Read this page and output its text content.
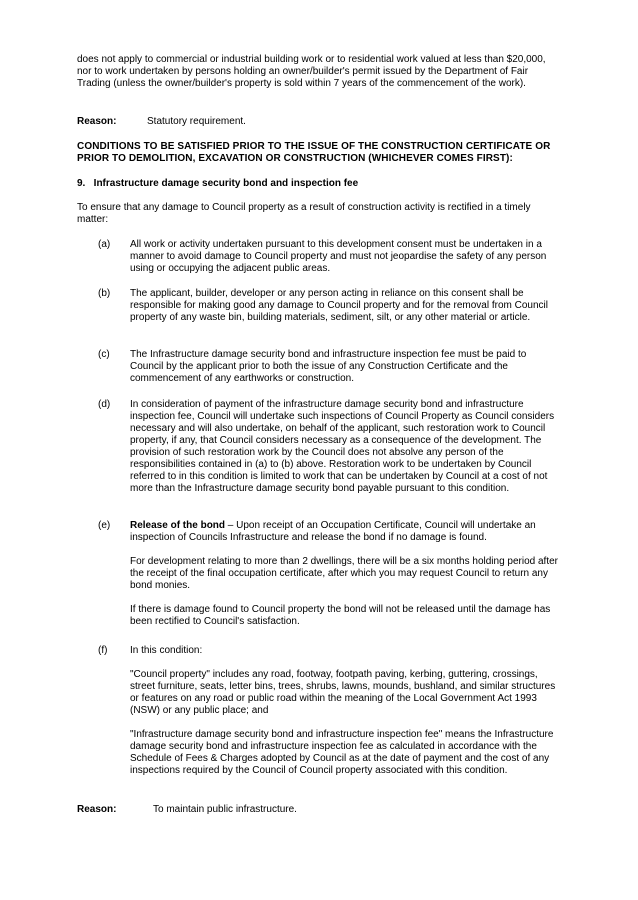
does not apply to commercial or industrial building work or to residential work valued at less than $20,000, nor to work undertaken by persons holding an owner/builder's permit issued by the Department of Fair Trading (unless the owner/builder's property is sold within 7 years of the commencement of the work).

Reason:	Statutory requirement.

CONDITIONS TO BE SATISFIED PRIOR TO THE ISSUE OF THE CONSTRUCTION CERTIFICATE OR PRIOR TO DEMOLITION, EXCAVATION OR CONSTRUCTION (WHICHEVER COMES FIRST):

9.   Infrastructure damage security bond and inspection fee

To ensure that any damage to Council property as a result of construction activity is rectified in a timely matter:

(a)	All work or activity undertaken pursuant to this development consent must be undertaken in a manner to avoid damage to Council property and must not jeopardise the safety of any person using or occupying the adjacent public areas.

(b)	The applicant, builder, developer or any person acting in reliance on this consent shall be responsible for making good any damage to Council property and for the removal from Council property of any waste bin, building materials, sediment, silt, or any other material or article.

(c)	The Infrastructure damage security bond and infrastructure inspection fee must be paid to Council by the applicant prior to both the issue of any Construction Certificate and the commencement of any earthworks or construction.

(d)	In consideration of payment of the infrastructure damage security bond and infrastructure inspection fee, Council will undertake such inspections of Council Property as Council considers necessary and will also undertake, on behalf of the applicant, such restoration work to Council property, if any, that Council considers necessary as a consequence of the development. The provision of such restoration work by the Council does not absolve any person of the responsibilities contained in (a) to (b) above. Restoration work to be undertaken by Council referred to in this condition is limited to work that can be undertaken by Council at a cost of not more than the Infrastructure damage security bond payable pursuant to this condition.

(e)	Release of the bond – Upon receipt of an Occupation Certificate, Council will undertake an inspection of Councils Infrastructure and release the bond if no damage is found.

For development relating to more than 2 dwellings, there will be a six months holding period after the receipt of the final occupation certificate, after which you may request Council to return any bond monies.

If there is damage found to Council property the bond will not be released until the damage has been rectified to Council's satisfaction.

(f)	In this condition:

"Council property" includes any road, footway, footpath paving, kerbing, guttering, crossings, street furniture, seats, letter bins, trees, shrubs, lawns, mounds, bushland, and similar structures or features on any road or public road within the meaning of the Local Government Act 1993 (NSW) or any public place; and

"Infrastructure damage security bond and infrastructure inspection fee" means the Infrastructure damage security bond and infrastructure inspection fee as calculated in accordance with the Schedule of Fees & Charges adopted by Council as at the date of payment and the cost of any inspections required by the Council of Council property associated with this condition.

Reason:	To maintain public infrastructure.
